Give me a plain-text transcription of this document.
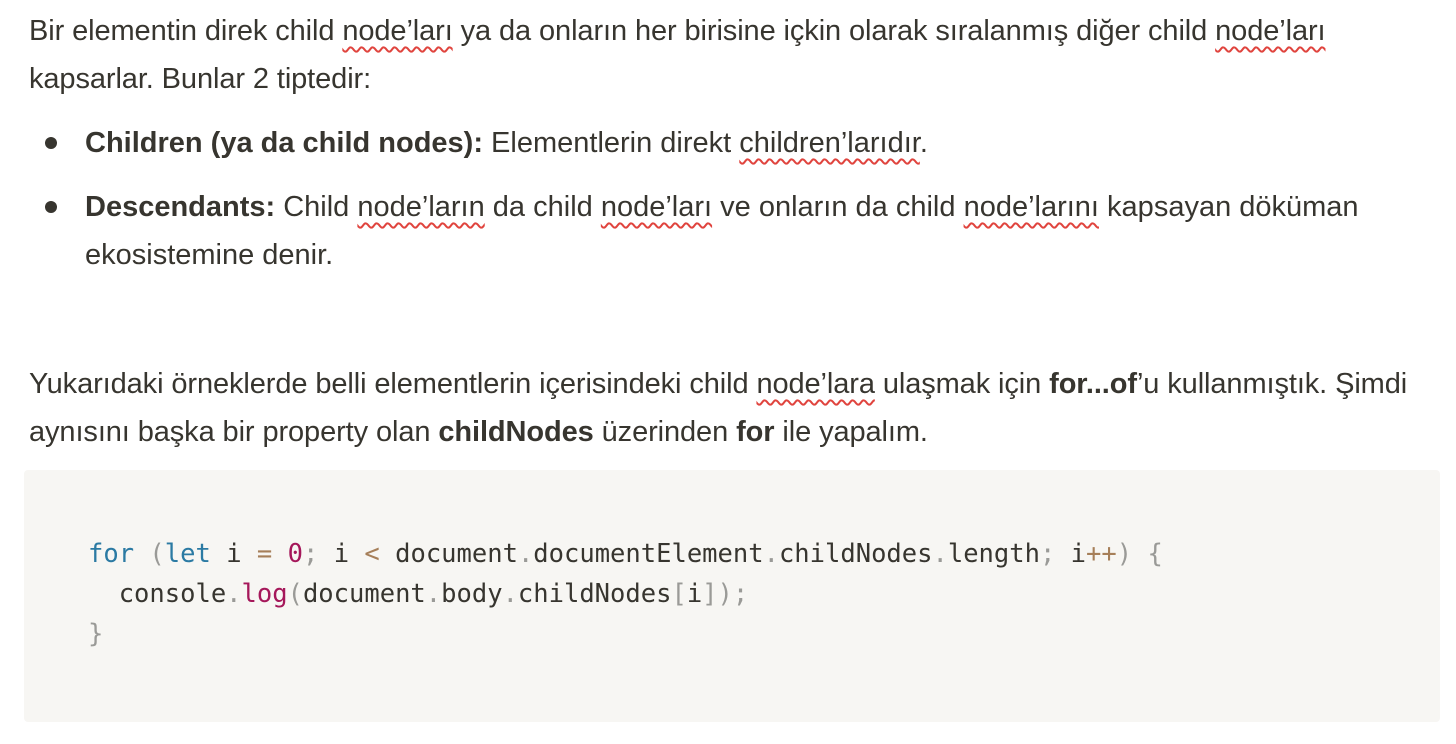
Bir elementin direk child node’ları ya da onların her birisine içkin olarak sıralanmış diğer child node’ları kapsarlar. Bunlar 2 tiptedir:

Children (ya da child nodes): Elementlerin direkt children’larıdır.
Descendants: Child node’ların da child node’ları ve onların da child node’larını kapsayan döküman ekosistemine denir.

Yukarıdaki örneklerde belli elementlerin içerisindeki child node’lara ulaşmak için for...of’u kullanmıştık. Şimdi aynısını başka bir property olan childNodes üzerinden for ile yapalım.

for (let i = 0; i < document.documentElement.childNodes.length; i++) {
console.log(document.body.childNodes[i]);
}
